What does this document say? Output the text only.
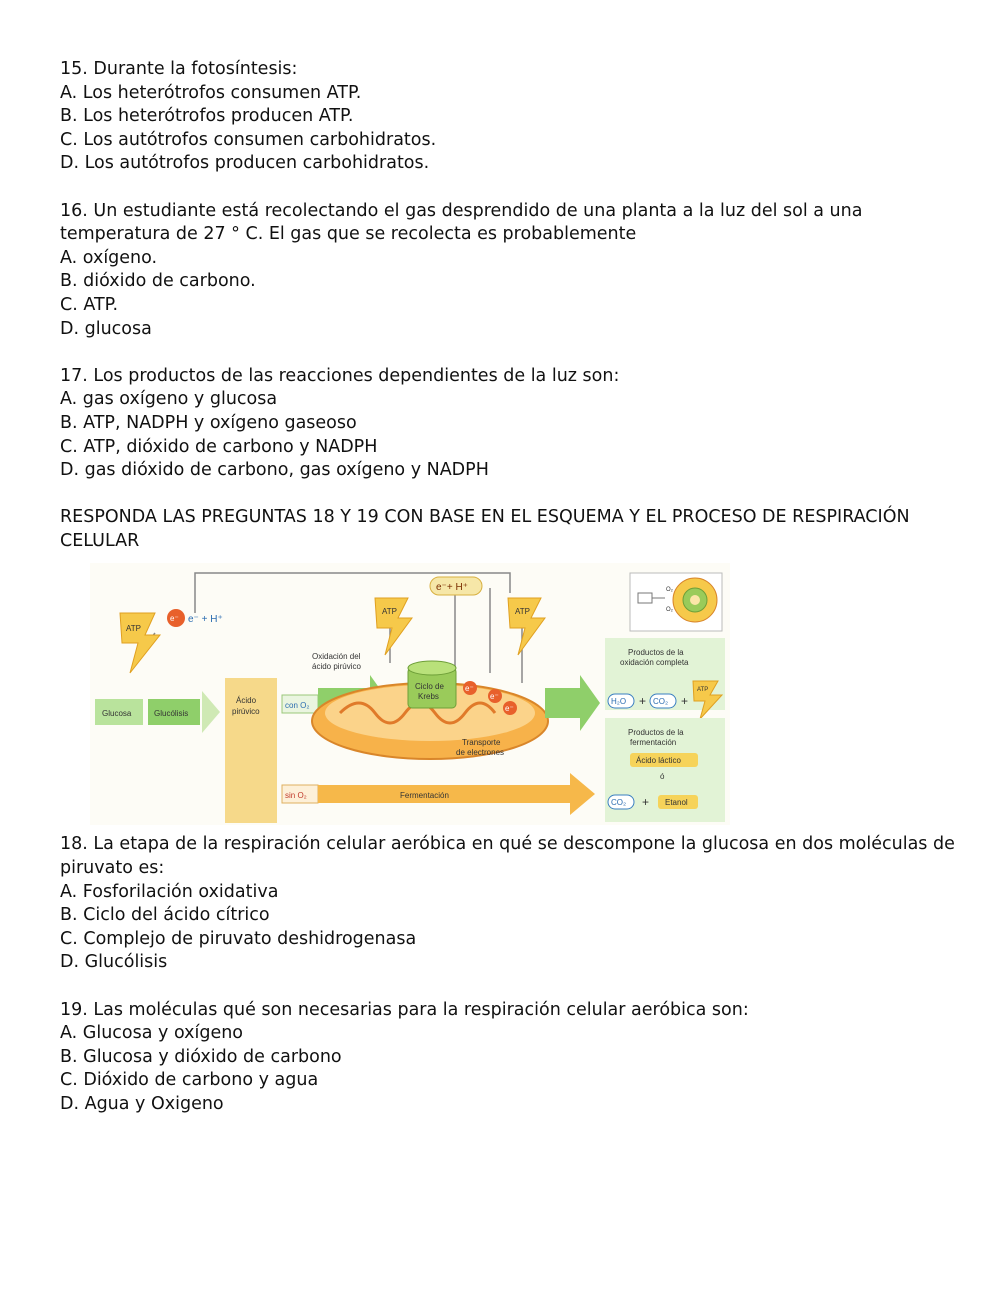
15. Durante la fotosíntesis:

A. Los heterótrofos consumen ATP.

B. Los heterótrofos producen ATP.

C. Los autótrofos consumen carbohidratos.

D. Los autótrofos producen carbohidratos.

16. Un estudiante está recolectando el gas desprendido de una planta a la luz del sol a una temperatura de 27 ° C. El gas que se recolecta es probablemente

A. oxígeno.

B. dióxido de carbono.

C. ATP.

D. glucosa

17. Los productos de las reacciones dependientes de la luz son:

A. gas oxígeno y glucosa

B. ATP, NADPH y oxígeno gaseoso

C. ATP, dióxido de carbono y NADPH

D. gas dióxido de carbono, gas oxígeno y NADPH

RESPONDA LAS PREGUNTAS 18 Y 19 CON BASE EN EL ESQUEMA Y EL PROCESO DE RESPIRACIÓN CELULAR

e⁻ e⁻ + H⁺
e⁻+ H⁺
ATP
ATP	ATP
Glucosa	Glucólisis
Ácido
pirúvico
con O₂
Oxidación del
ácido pirúvico
Ciclo de
Krebs
e⁻
e⁻
e⁻
Transporte
de electrones
sin O₂	Fermentación
Productos de la
oxidación completa
H₂O + CO₂ +
ATP
Productos de la
fermentación
Ácido láctico
ó
CO₂ + Etanol
O₂
O₂

18. La etapa de la respiración celular aeróbica en qué se descompone la glucosa en dos moléculas de piruvato es:

A. Fosforilación oxidativa

B. Ciclo del ácido cítrico

C. Complejo de piruvato deshidrogenasa

D. Glucólisis

19. Las moléculas qué son necesarias para la respiración celular aeróbica son:

A. Glucosa y oxígeno

B. Glucosa y dióxido de carbono

C. Dióxido de carbono y agua

D. Agua y Oxigeno
